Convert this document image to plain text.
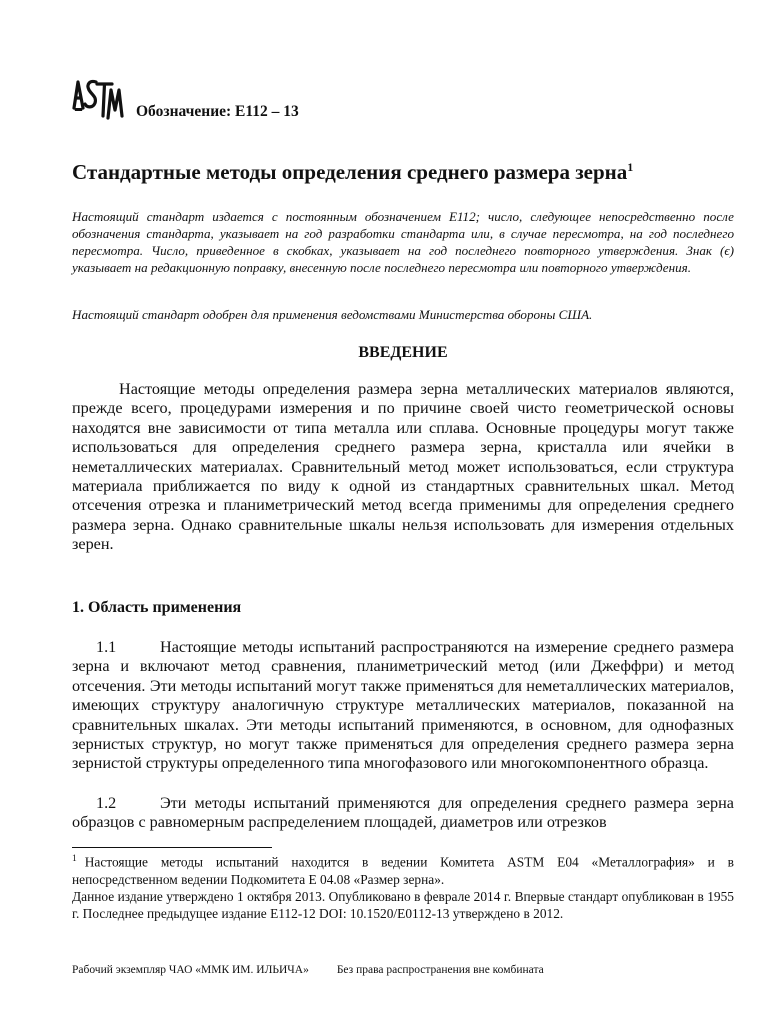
Обозначение: E112 – 13
Стандартные методы определения среднего размера зерна$^1$

Настоящий стандарт издается с постоянным обозначением E112; число, следующее непосредственно после обозначения стандарта, указывает на год разработки стандарта или, в случае пересмотра, на год последнего пересмотра. Число, приведенное в скобках, указывает на год последнего повторного утверждения. Знак (ϵ) указывает на редакционную поправку, внесенную после последнего пересмотра или повторного утверждения.

Настоящий стандарт одобрен для применения ведомствами Министерства обороны США.

ВВЕДЕНИЕ

Настоящие методы определения размера зерна металлических материалов являются, прежде всего, процедурами измерения и по причине своей чисто геометрической основы находятся вне зависимости от типа металла или сплава. Основные процедуры могут также использоваться для определения среднего размера зерна, кристалла или ячейки в неметаллических материалах. Сравнительный метод может использоваться, если структура материала приближается по виду к одной из стандартных сравнительных шкал. Метод отсечения отрезка и планиметрический метод всегда применимы для определения среднего размера зерна. Однако сравнительные шкалы нельзя использовать для измерения отдельных зерен.

1. Область применения

1.1	Настоящие методы испытаний распространяются на измерение среднего размера зерна и включают метод сравнения, планиметрический метод (или Джеффри) и метод отсечения. Эти методы испытаний могут также применяться для неметаллических материалов, имеющих структуру аналогичную структуре металлических материалов, показанной на сравнительных шкалах. Эти методы испытаний применяются, в основном, для однофазных зернистых структур, но могут также применяться для определения среднего размера зерна зернистой структуры определенного типа многофазового или многокомпонентного образца.

1.2	Эти методы испытаний применяются для определения среднего размера зерна образцов с равномерным распределением площадей, диаметров или отрезков

$^1$ Настоящие методы испытаний находится в ведении Комитета ASTM E04 «Металлография» и в непосредственном ведении Подкомитета E 04.08 «Размер зерна».
Данное издание утверждено 1 октября 2013. Опубликовано в феврале 2014 г. Впервые стандарт опубликован в 1955 г. Последнее предыдущее издание E112-12 DOI: 10.1520/E0112-13 утверждено в 2012.

Рабочий экземпляр ЧАО «ММК ИМ. ИЛЬИЧА» Без права распространения вне комбината
